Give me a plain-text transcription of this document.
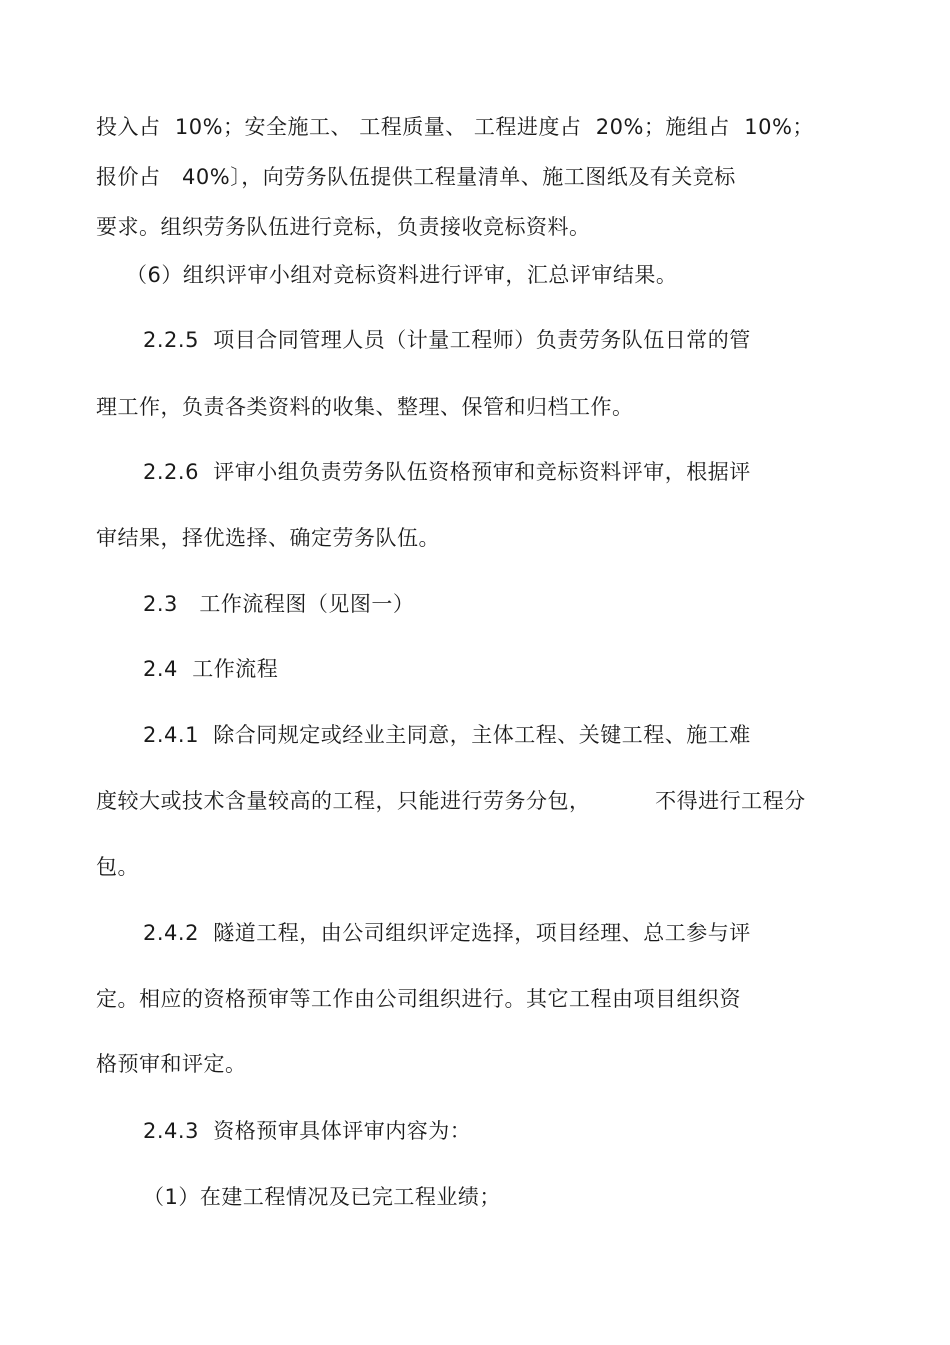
投入占  10%；安全施工、 工程质量、 工程进度占  20%；施组占  10%；
报价占   40%〕，向劳务队伍提供工程量清单、施工图纸及有关竞标
要求。组织劳务队伍进行竞标，负责接收竞标资料。
（6）组织评审小组对竞标资料进行评审，汇总评审结果。
2.2.5  项目合同管理人员（计量工程师）负责劳务队伍日常的管
理工作，负责各类资料的收集、整理、保管和归档工作。
2.2.6  评审小组负责劳务队伍资格预审和竞标资料评审，根据评
审结果，择优选择、确定劳务队伍。
2.3   工作流程图（见图一）
2.4  工作流程
2.4.1  除合同规定或经业主同意，主体工程、关键工程、施工难
度较大或技术含量较高的工程，只能进行劳务分包，         不得进行工程分
包。
2.4.2  隧道工程，由公司组织评定选择，项目经理、总工参与评
定。相应的资格预审等工作由公司组织进行。其它工程由项目组织资
格预审和评定。
2.4.3  资格预审具体评审内容为：
（1）在建工程情况及已完工程业绩；
